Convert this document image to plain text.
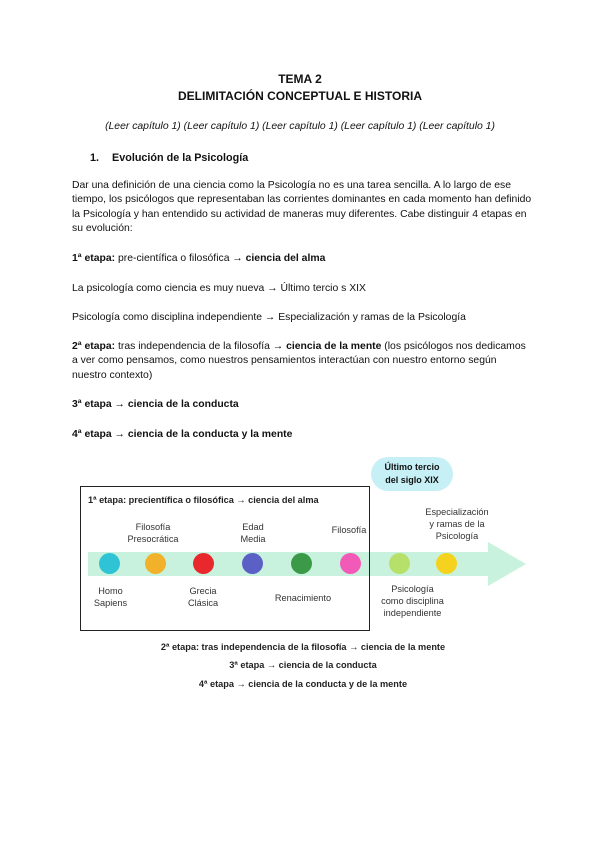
TEMA 2
DELIMITACIÓN CONCEPTUAL E HISTORIA
(Leer capítulo 1) (Leer capítulo 1) (Leer capítulo 1) (Leer capítulo 1) (Leer capítulo 1)
1. Evolución de la Psicología
Dar una definición de una ciencia como la Psicología no es una tarea sencilla. A lo largo de ese tiempo, los psicólogos que representaban las corrientes dominantes en cada momento han definido la Psicología y han entendido su actividad de maneras muy diferentes. Cabe distinguir 4 etapas en su evolución:
1ª etapa: pre-científica o filosófica → ciencia del alma
La psicología como ciencia es muy nueva → Último tercio s XIX
Psicología como disciplina independiente → Especialización y ramas de la Psicología
2ª etapa: tras independencia de la filosofía → ciencia de la mente (los psicólogos nos dedicamos a ver como pensamos, como nuestros pensamientos interactúan con nuestro entorno según nuestro contexto)
3ª etapa → ciencia de la conducta
4ª etapa → ciencia de la conducta y la mente
Último tercio
del siglo XIX
1ª etapa: precientífica o filosófica → ciencia del alma
Filosofía
Presocrática
Edad
Media
Filosofía
Especialización
y ramas de la
Psicología
Homo
Sapiens
Grecia
Clásica	Renacimiento
Psicología
como disciplina
independiente
2ª etapa: tras independencia de la filosofía → ciencia de la mente
3ª etapa → ciencia de la conducta
4ª etapa → ciencia de la conducta y de la mente
